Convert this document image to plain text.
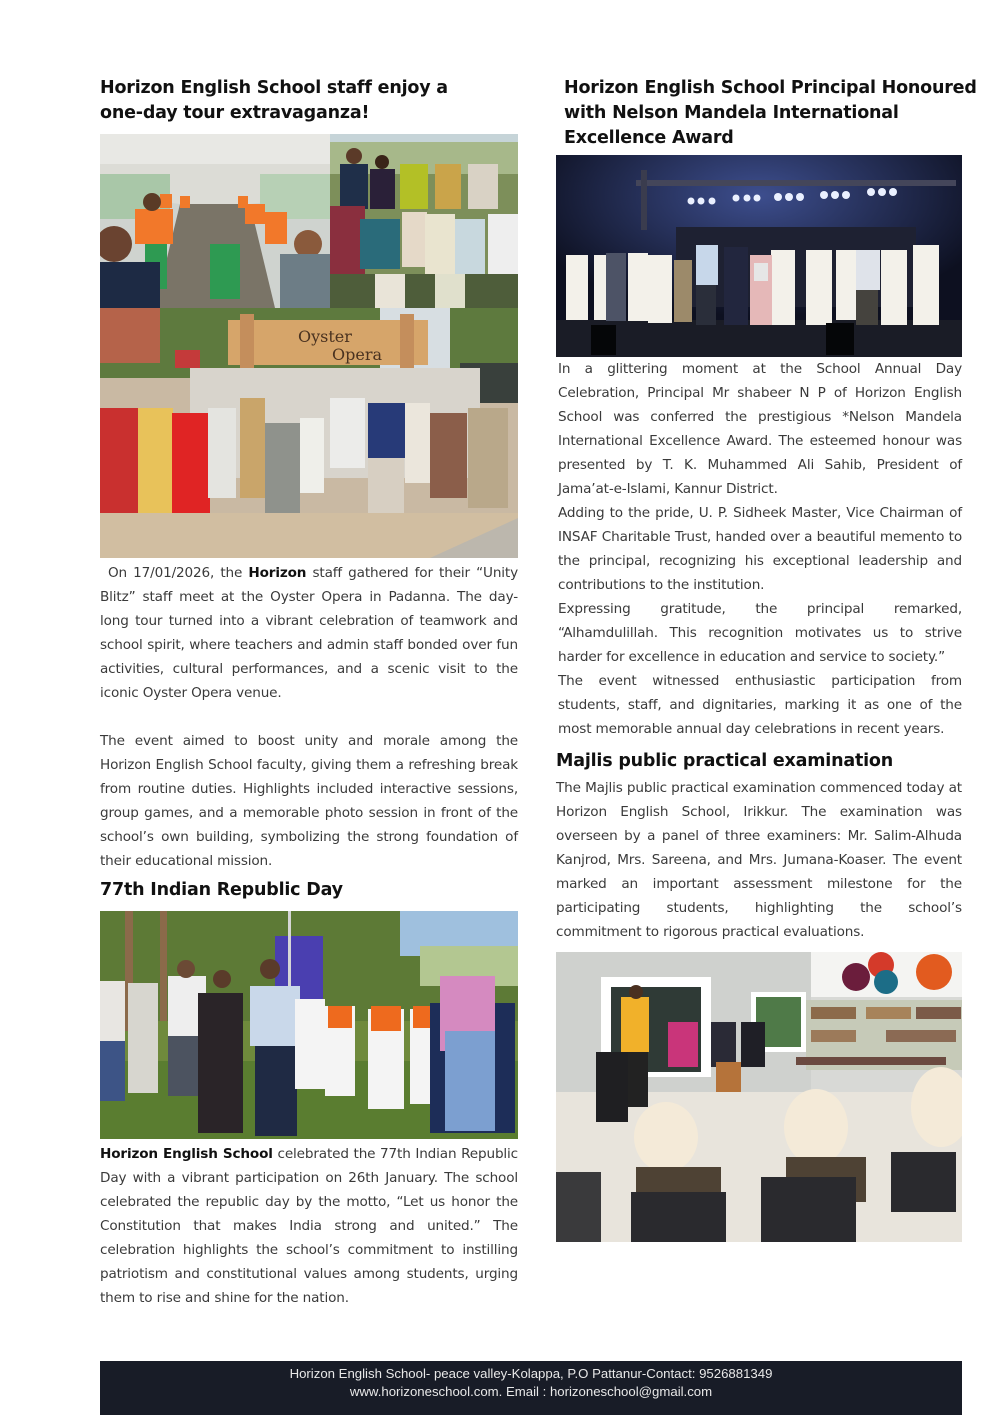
Horizon English School staff enjoy a
one-day tour extravaganza!
Oyster
Opera

On 17/01/2026, the Horizon staff gathered for their “Unity Blitz” staff meet at the Oyster Opera in Padanna. The day-long tour turned into a vibrant celebration of teamwork and school spirit, where teachers and admin staff bonded over fun activities, cultural performances, and a scenic visit to the iconic Oyster Opera venue.

The event aimed to boost unity and morale among the Horizon English School faculty, giving them a refreshing break from routine duties. Highlights included interactive sessions, group games, and a memorable photo session in front of the school’s own building, symbolizing the strong foundation of their educational mission.

77th Indian Republic Day

Horizon English School celebrated the 77th Indian Republic Day with a vibrant participation on 26th January. The school celebrated the republic day by the motto, “Let us honor the Constitution that makes India strong and united.” The celebration highlights the school’s commitment to instilling patriotism and constitutional values among students, urging them to rise and shine for the nation.

Horizon English School Principal Honoured
with Nelson Mandela International
Excellence Award

In a glittering moment at the School Annual Day Celebration, Principal Mr shabeer N P of Horizon English School was conferred the prestigious *Nelson Mandela International Excellence Award. The esteemed honour was presented by T. K. Muhammed Ali Sahib, President of Jama’at-e-Islami, Kannur District.

Adding to the pride, U. P. Sidheek Master, Vice Chairman of INSAF Charitable Trust, handed over a beautiful memento to the principal, recognizing his exceptional leadership and contributions to the institution.

Expressing gratitude, the principal remarked, “Alhamdulillah. This recognition motivates us to strive harder for excellence in education and service to society.”

The event witnessed enthusiastic participation from students, staff, and dignitaries, marking it as one of the most memorable annual day celebrations in recent years.

Majlis public practical examination

The Majlis public practical examination commenced today at Horizon English School, Irikkur. The examination was overseen by a panel of three examiners: Mr. Salim-Alhuda Kanjrod, Mrs. Sareena, and Mrs. Jumana-Koaser. The event marked an important assessment milestone for the participating students, highlighting the school’s commitment to rigorous practical evaluations.

Horizon English School- peace valley-Kolappa, P.O Pattanur-Contact: 9526881349
www.horizoneschool.com. Email : horizoneschool@gmail.com
